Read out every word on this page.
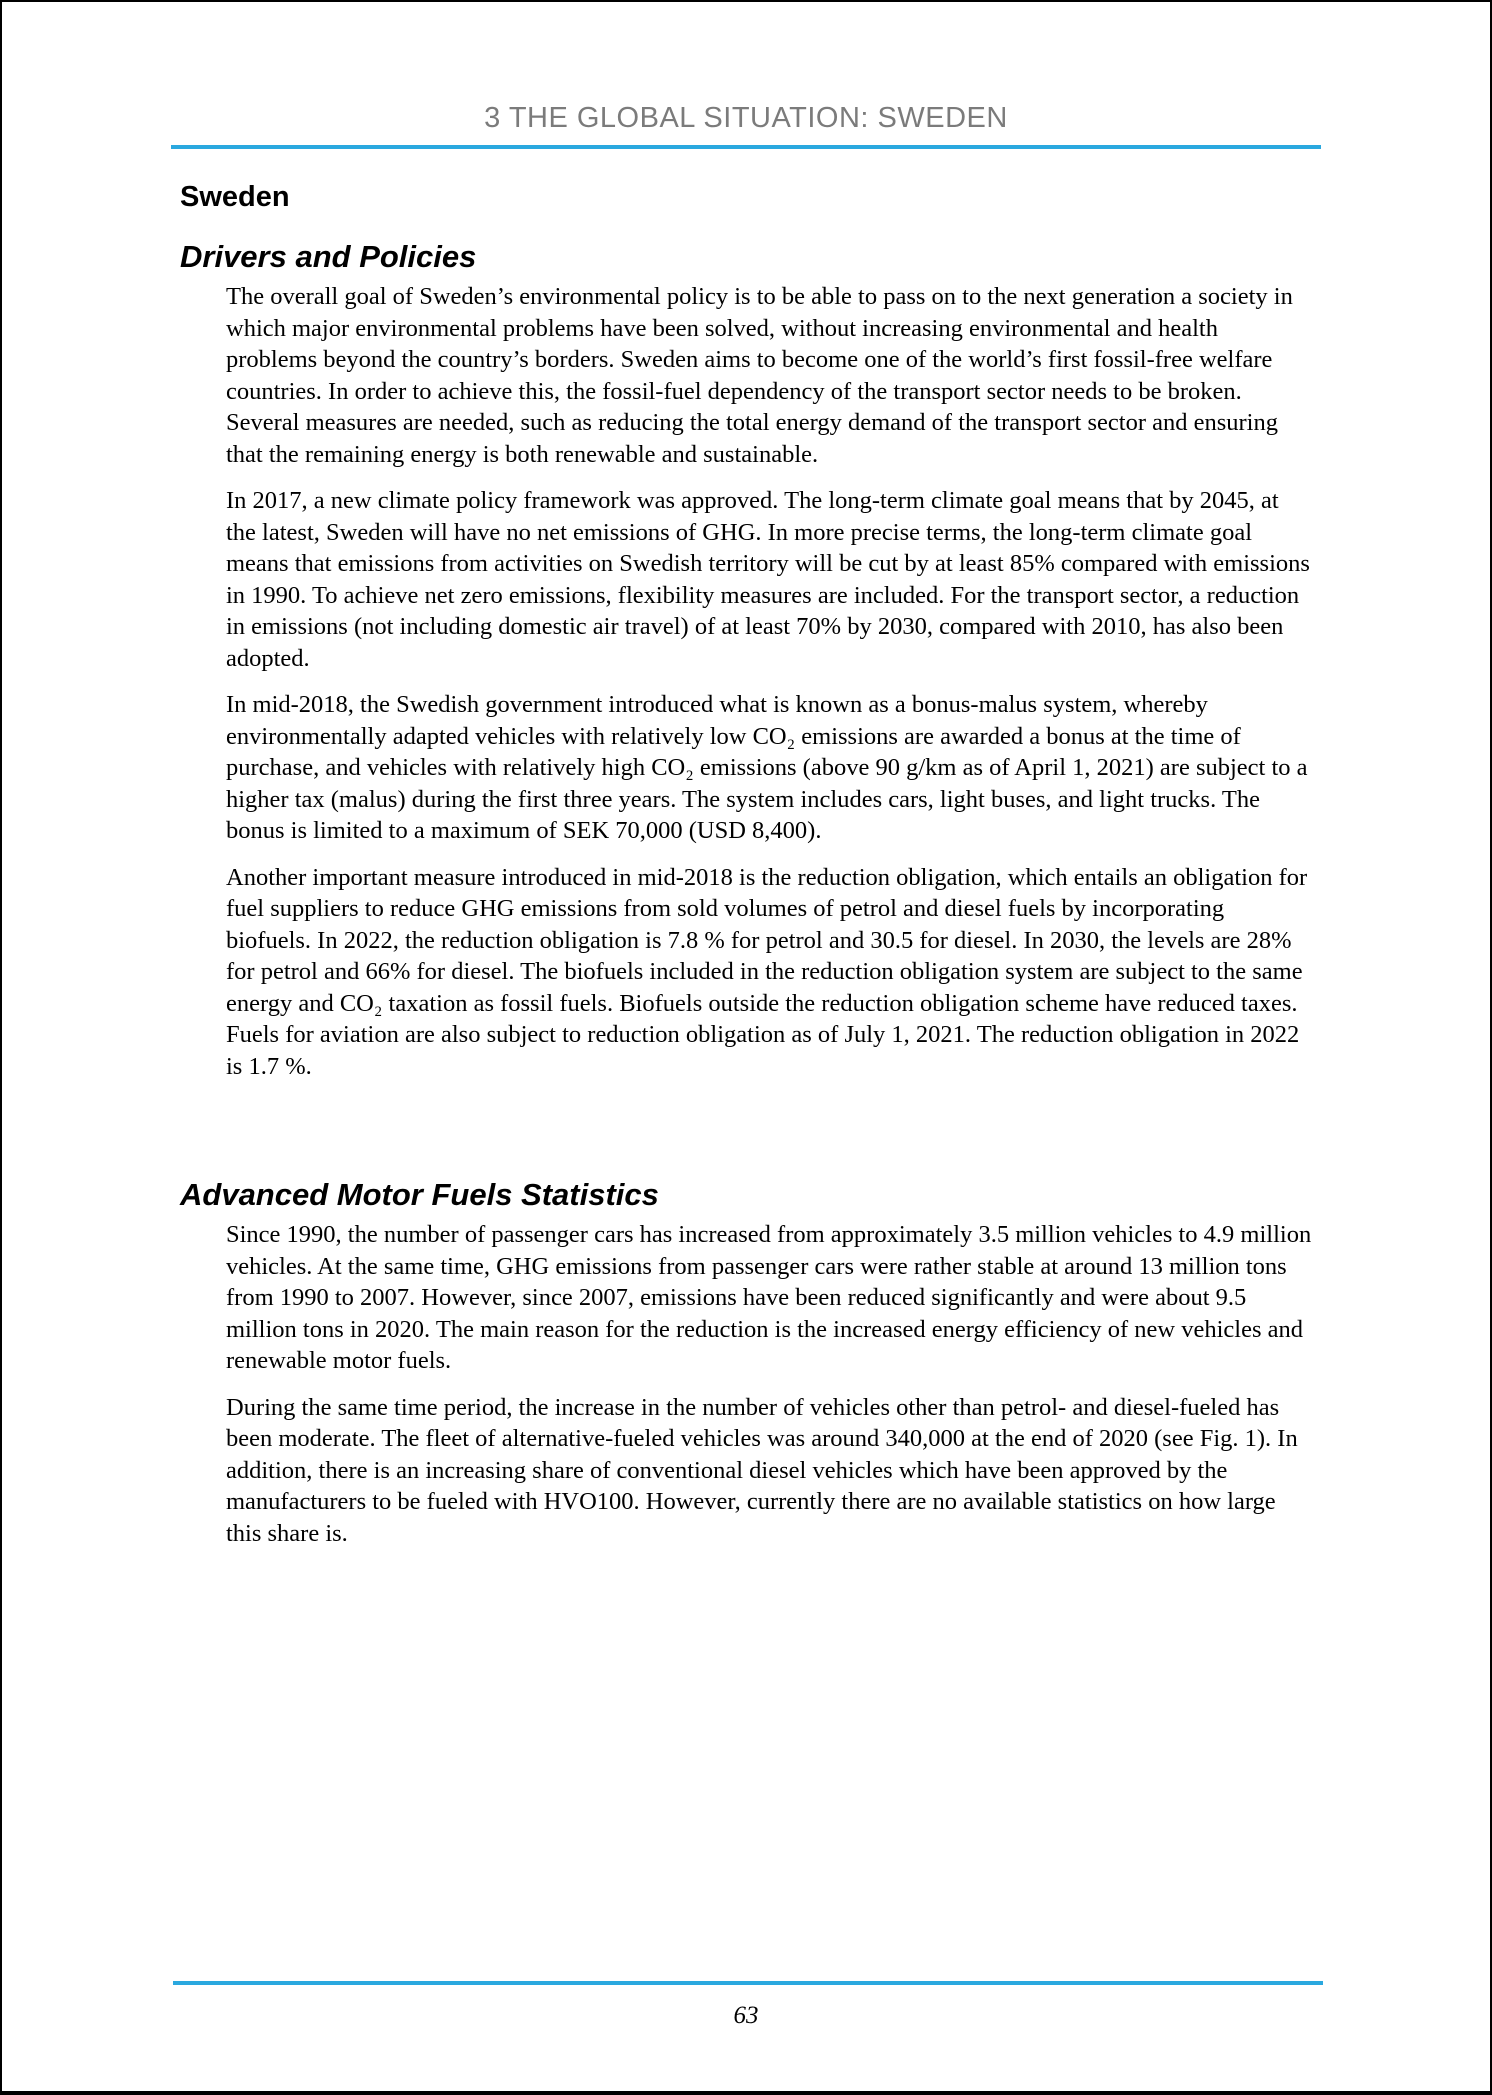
3 THE GLOBAL SITUATION: SWEDEN
Sweden
Drivers and Policies

The overall goal of Sweden’s environmental policy is to be able to pass on to the next generation a society in which major environmental problems have been solved, without increasing environmental and health problems beyond the country’s borders. Sweden aims to become one of the world’s first fossil-free welfare countries. In order to achieve this, the fossil-fuel dependency of the transport sector needs to be broken. Several measures are needed, such as reducing the total energy demand of the transport sector and ensuring that the remaining energy is both renewable and sustainable.

In 2017, a new climate policy framework was approved. The long-term climate goal means that by 2045, at the latest, Sweden will have no net emissions of GHG. In more precise terms, the long-term climate goal means that emissions from activities on Swedish territory will be cut by at least 85% compared with emissions in 1990. To achieve net zero emissions, flexibility measures are included. For the transport sector, a reduction in emissions (not including domestic air travel) of at least 70% by 2030, compared with 2010, has also been adopted.

In mid-2018, the Swedish government introduced what is known as a bonus-malus system, whereby environmentally adapted vehicles with relatively low CO₂ emissions are awarded a bonus at the time of purchase, and vehicles with relatively high CO₂ emissions (above 90 g/km as of April 1, 2021) are subject to a higher tax (malus) during the first three years. The system includes cars, light buses, and light trucks. The bonus is limited to a maximum of SEK 70,000 (USD 8,400).

Another important measure introduced in mid-2018 is the reduction obligation, which entails an obligation for fuel suppliers to reduce GHG emissions from sold volumes of petrol and diesel fuels by incorporating biofuels. In 2022, the reduction obligation is 7.8 % for petrol and 30.5 for diesel. In 2030, the levels are 28% for petrol and 66% for diesel. The biofuels included in the reduction obligation system are subject to the same energy and CO₂ taxation as fossil fuels. Biofuels outside the reduction obligation scheme have reduced taxes. Fuels for aviation are also subject to reduction obligation as of July 1, 2021. The reduction obligation in 2022 is 1.7 %.

Advanced Motor Fuels Statistics

Since 1990, the number of passenger cars has increased from approximately 3.5 million vehicles to 4.9 million vehicles. At the same time, GHG emissions from passenger cars were rather stable at around 13 million tons from 1990 to 2007. However, since 2007, emissions have been reduced significantly and were about 9.5 million tons in 2020. The main reason for the reduction is the increased energy efficiency of new vehicles and renewable motor fuels.

During the same time period, the increase in the number of vehicles other than petrol- and diesel-fueled has been moderate. The fleet of alternative-fueled vehicles was around 340,000 at the end of 2020 (see Fig. 1). In addition, there is an increasing share of conventional diesel vehicles which have been approved by the manufacturers to be fueled with HVO100. However, currently there are no available statistics on how large this share is.

63
